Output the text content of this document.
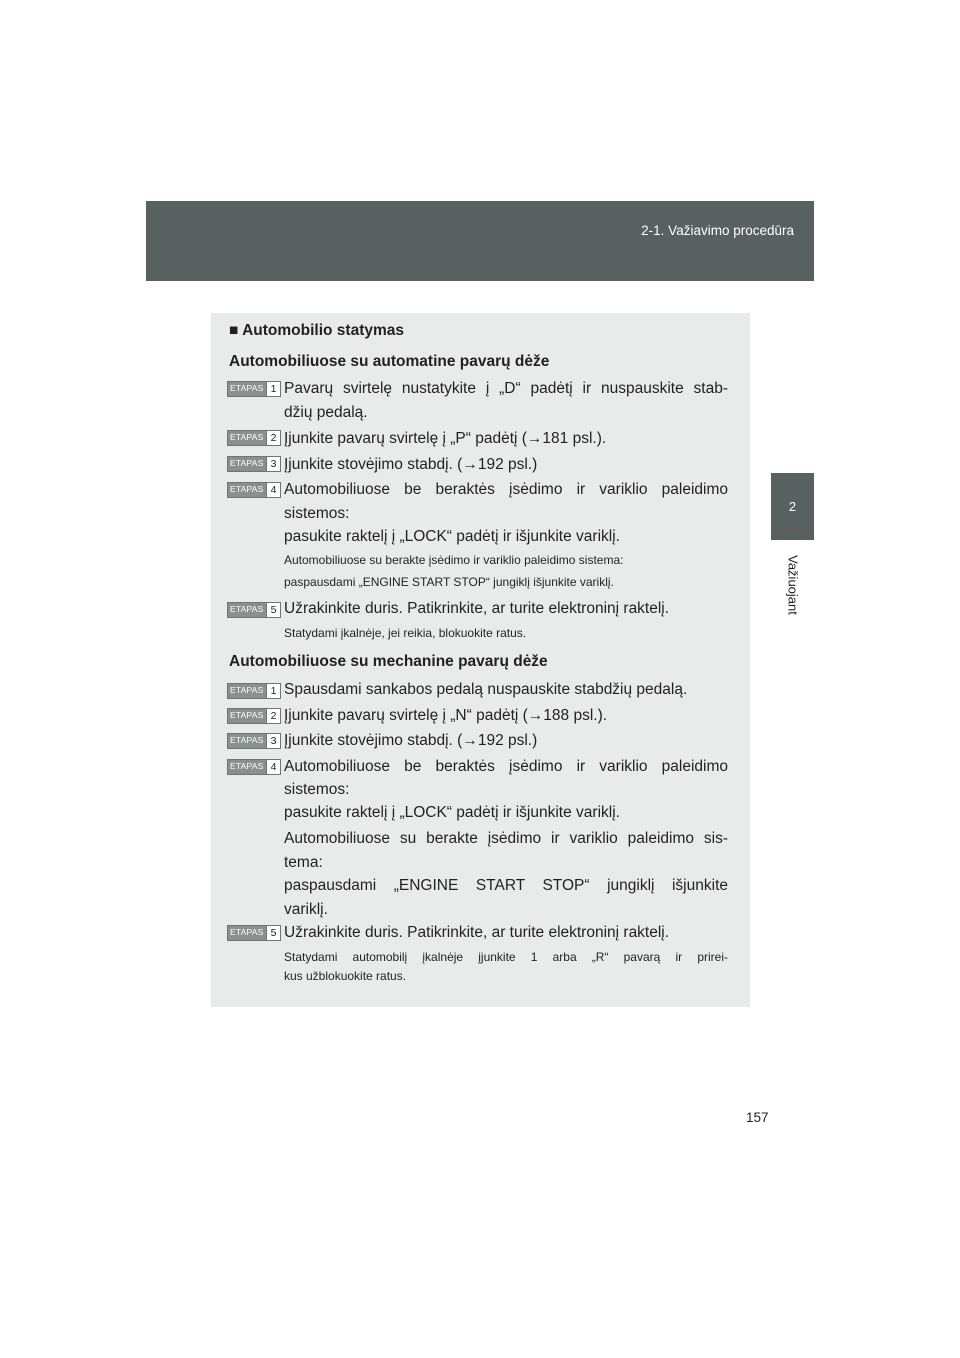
2-1. Važiavimo procedūra
2
Važiuojant
■ Automobilio statymas
Automobiliuose su automatine pavarų dėže
ETAPAS 1 Pavarų svirtelę nustatykite į „D“ padėtį ir nuspauskite stab-
džių pedalą.
ETAPAS 2 Įjunkite pavarų svirtelę į „P“ padėtį (→181 psl.).
ETAPAS 3 Įjunkite stovėjimo stabdį. (→192 psl.)
ETAPAS 4 Automobiliuose be beraktės įsėdimo ir variklio paleidimo
sistemos:
pasukite raktelį į „LOCK“ padėtį ir išjunkite variklį.
Automobiliuose su berakte įsėdimo ir variklio paleidimo sistema:
paspausdami „ENGINE START STOP“ jungiklį išjunkite variklį.
ETAPAS 5 Užrakinkite duris. Patikrinkite, ar turite elektroninį raktelį.
Statydami įkalnėje, jei reikia, blokuokite ratus.
Automobiliuose su mechanine pavarų dėže
ETAPAS 1 Spausdami sankabos pedalą nuspauskite stabdžių pedalą.
ETAPAS 2 Įjunkite pavarų svirtelę į „N“ padėtį (→188 psl.).
ETAPAS 3 Įjunkite stovėjimo stabdį. (→192 psl.)
ETAPAS 4 Automobiliuose be beraktės įsėdimo ir variklio paleidimo
sistemos:
pasukite raktelį į „LOCK“ padėtį ir išjunkite variklį.
Automobiliuose su berakte įsėdimo ir variklio paleidimo sis-
tema:
paspausdami „ENGINE START STOP“ jungiklį išjunkite
variklį.
ETAPAS 5 Užrakinkite duris. Patikrinkite, ar turite elektroninį raktelį.
Statydami automobilį įkalnėje įjunkite 1 arba „R“ pavarą ir prirei-
kus užblokuokite ratus.
157
